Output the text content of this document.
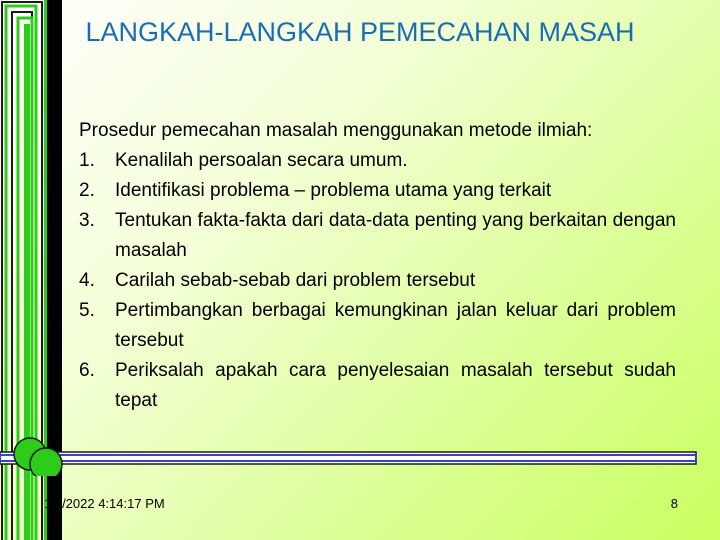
LANGKAH-LANGKAH PEMECAHAN MASAH
Prosedur pemecahan masalah menggunakan metode ilmiah:
1.	Kenalilah persoalan secara umum.
2.	Identifikasi problema – problema utama yang terkait
3.	Tentukan fakta-fakta dari data-data penting yang berkaitan dengan masalah
4.	Carilah sebab-sebab dari problem tersebut
5.	Pertimbangkan berbagai kemungkinan jalan keluar dari problem tersebut
6.	Periksalah apakah cara penyelesaian masalah tersebut sudah tepat
1/1/2022 4:14:17 PM	8
